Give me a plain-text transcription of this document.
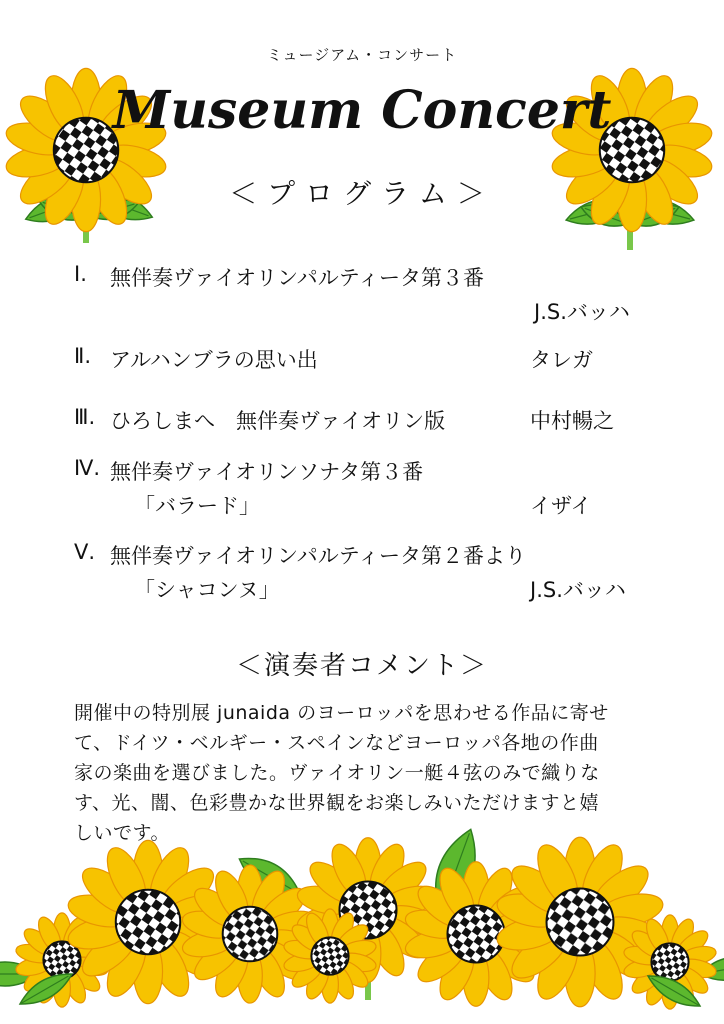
ミュージアム・コンサート
Museum Concert
＜プログラム＞
Ⅰ. 無伴奏ヴァイオリンパルティータ第３番
J.S.バッハ
Ⅱ. アルハンブラの思い出	タレガ
Ⅲ. ひろしまへ　無伴奏ヴァイオリン版	中村暢之
Ⅳ. 無伴奏ヴァイオリンソナタ第３番
「バラード」	イザイ
Ⅴ. 無伴奏ヴァイオリンパルティータ第２番より
「シャコンヌ」	J.S.バッハ
＜演奏者コメント＞
開催中の特別展 junaida のヨーロッパを思わせる作品に寄せ
て、ドイツ・ベルギー・スペインなどヨーロッパ各地の作曲
家の楽曲を選びました。ヴァイオリン一艇４弦のみで織りな
す、光、闇、色彩豊かな世界観をお楽しみいただけますと嬉
しいです。
